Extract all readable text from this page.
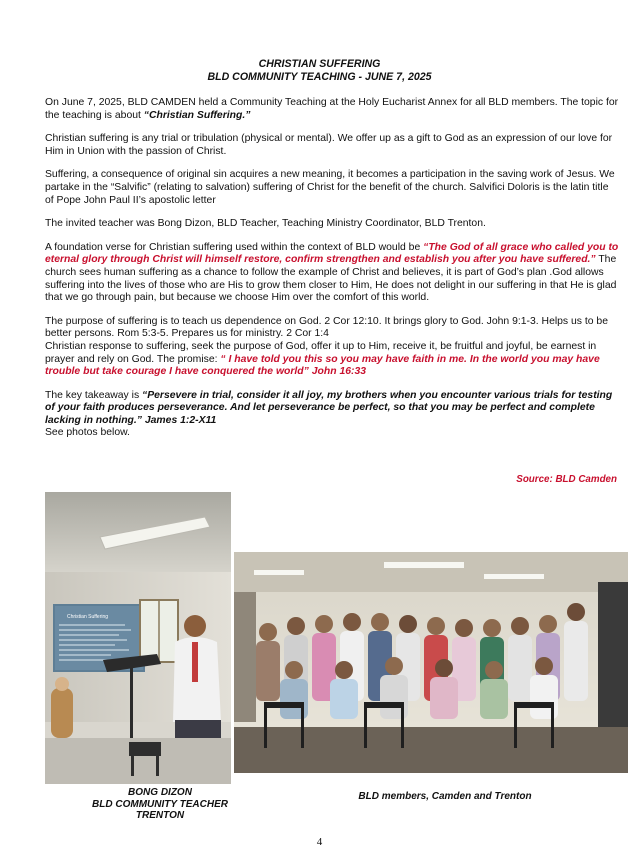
CHRISTIAN SUFFERING
BLD COMMUNITY TEACHING - JUNE 7, 2025

On June 7, 2025, BLD CAMDEN held a Community Teaching at the Holy Eucharist Annex for all BLD members. The topic for the teaching is about “Christian Suffering.”

Christian suffering is any trial or tribulation (physical or mental). We offer up as a gift to God as an expression of our love for Him in Union with the passion of Christ.

Suffering, a consequence of original sin acquires a new meaning, it becomes a participation in the saving work of Jesus. We partake in the “Salvific” (relating to salvation) suffering of Christ for the benefit of the church. Salvifici Doloris is the latin title of Pope John Paul II’s apostolic letter

The invited teacher was Bong Dizon, BLD Teacher, Teaching Ministry Coordinator, BLD Trenton.

A foundation verse for Christian suffering used within the context of BLD would be “The God of all grace who called you to eternal glory through Christ will himself restore, confirm strengthen and establish you after you have suffered.” The church sees human suffering as a chance to follow the example of Christ and believes, it is part of God’s plan .God allows suffering into the lives of those who are His to grow them closer to Him, He does not delight in our suffering in that He is glad that we go through pain, but because we choose Him over the comfort of this world.

The purpose of suffering is to teach us dependence on God. 2 Cor 12:10. It brings glory to God. John 9:1-3. Helps us to be better persons. Rom 5:3-5. Prepares us for ministry. 2 Cor 1:4
Christian response to suffering, seek the purpose of God, offer it up to Him, receive it, be fruitful and joyful, be earnest in prayer and rely on God. The promise: “ I have told you this so you may have faith in me. In the world you may have trouble but take courage I have conquered the world” John 16:33

The key takeaway is “Persevere in trial, consider it all joy, my brothers when you encounter various trials for testing of your faith produces perseverance. And let perseverance be perfect, so that you may be perfect and complete lacking in nothing.” James 1:2-X11
See photos below.

Source: BLD Camden
Christian Suffering
BONG DIZON
BLD COMMUNITY TEACHER
TRENTON
BLD members, Camden and Trenton
4
